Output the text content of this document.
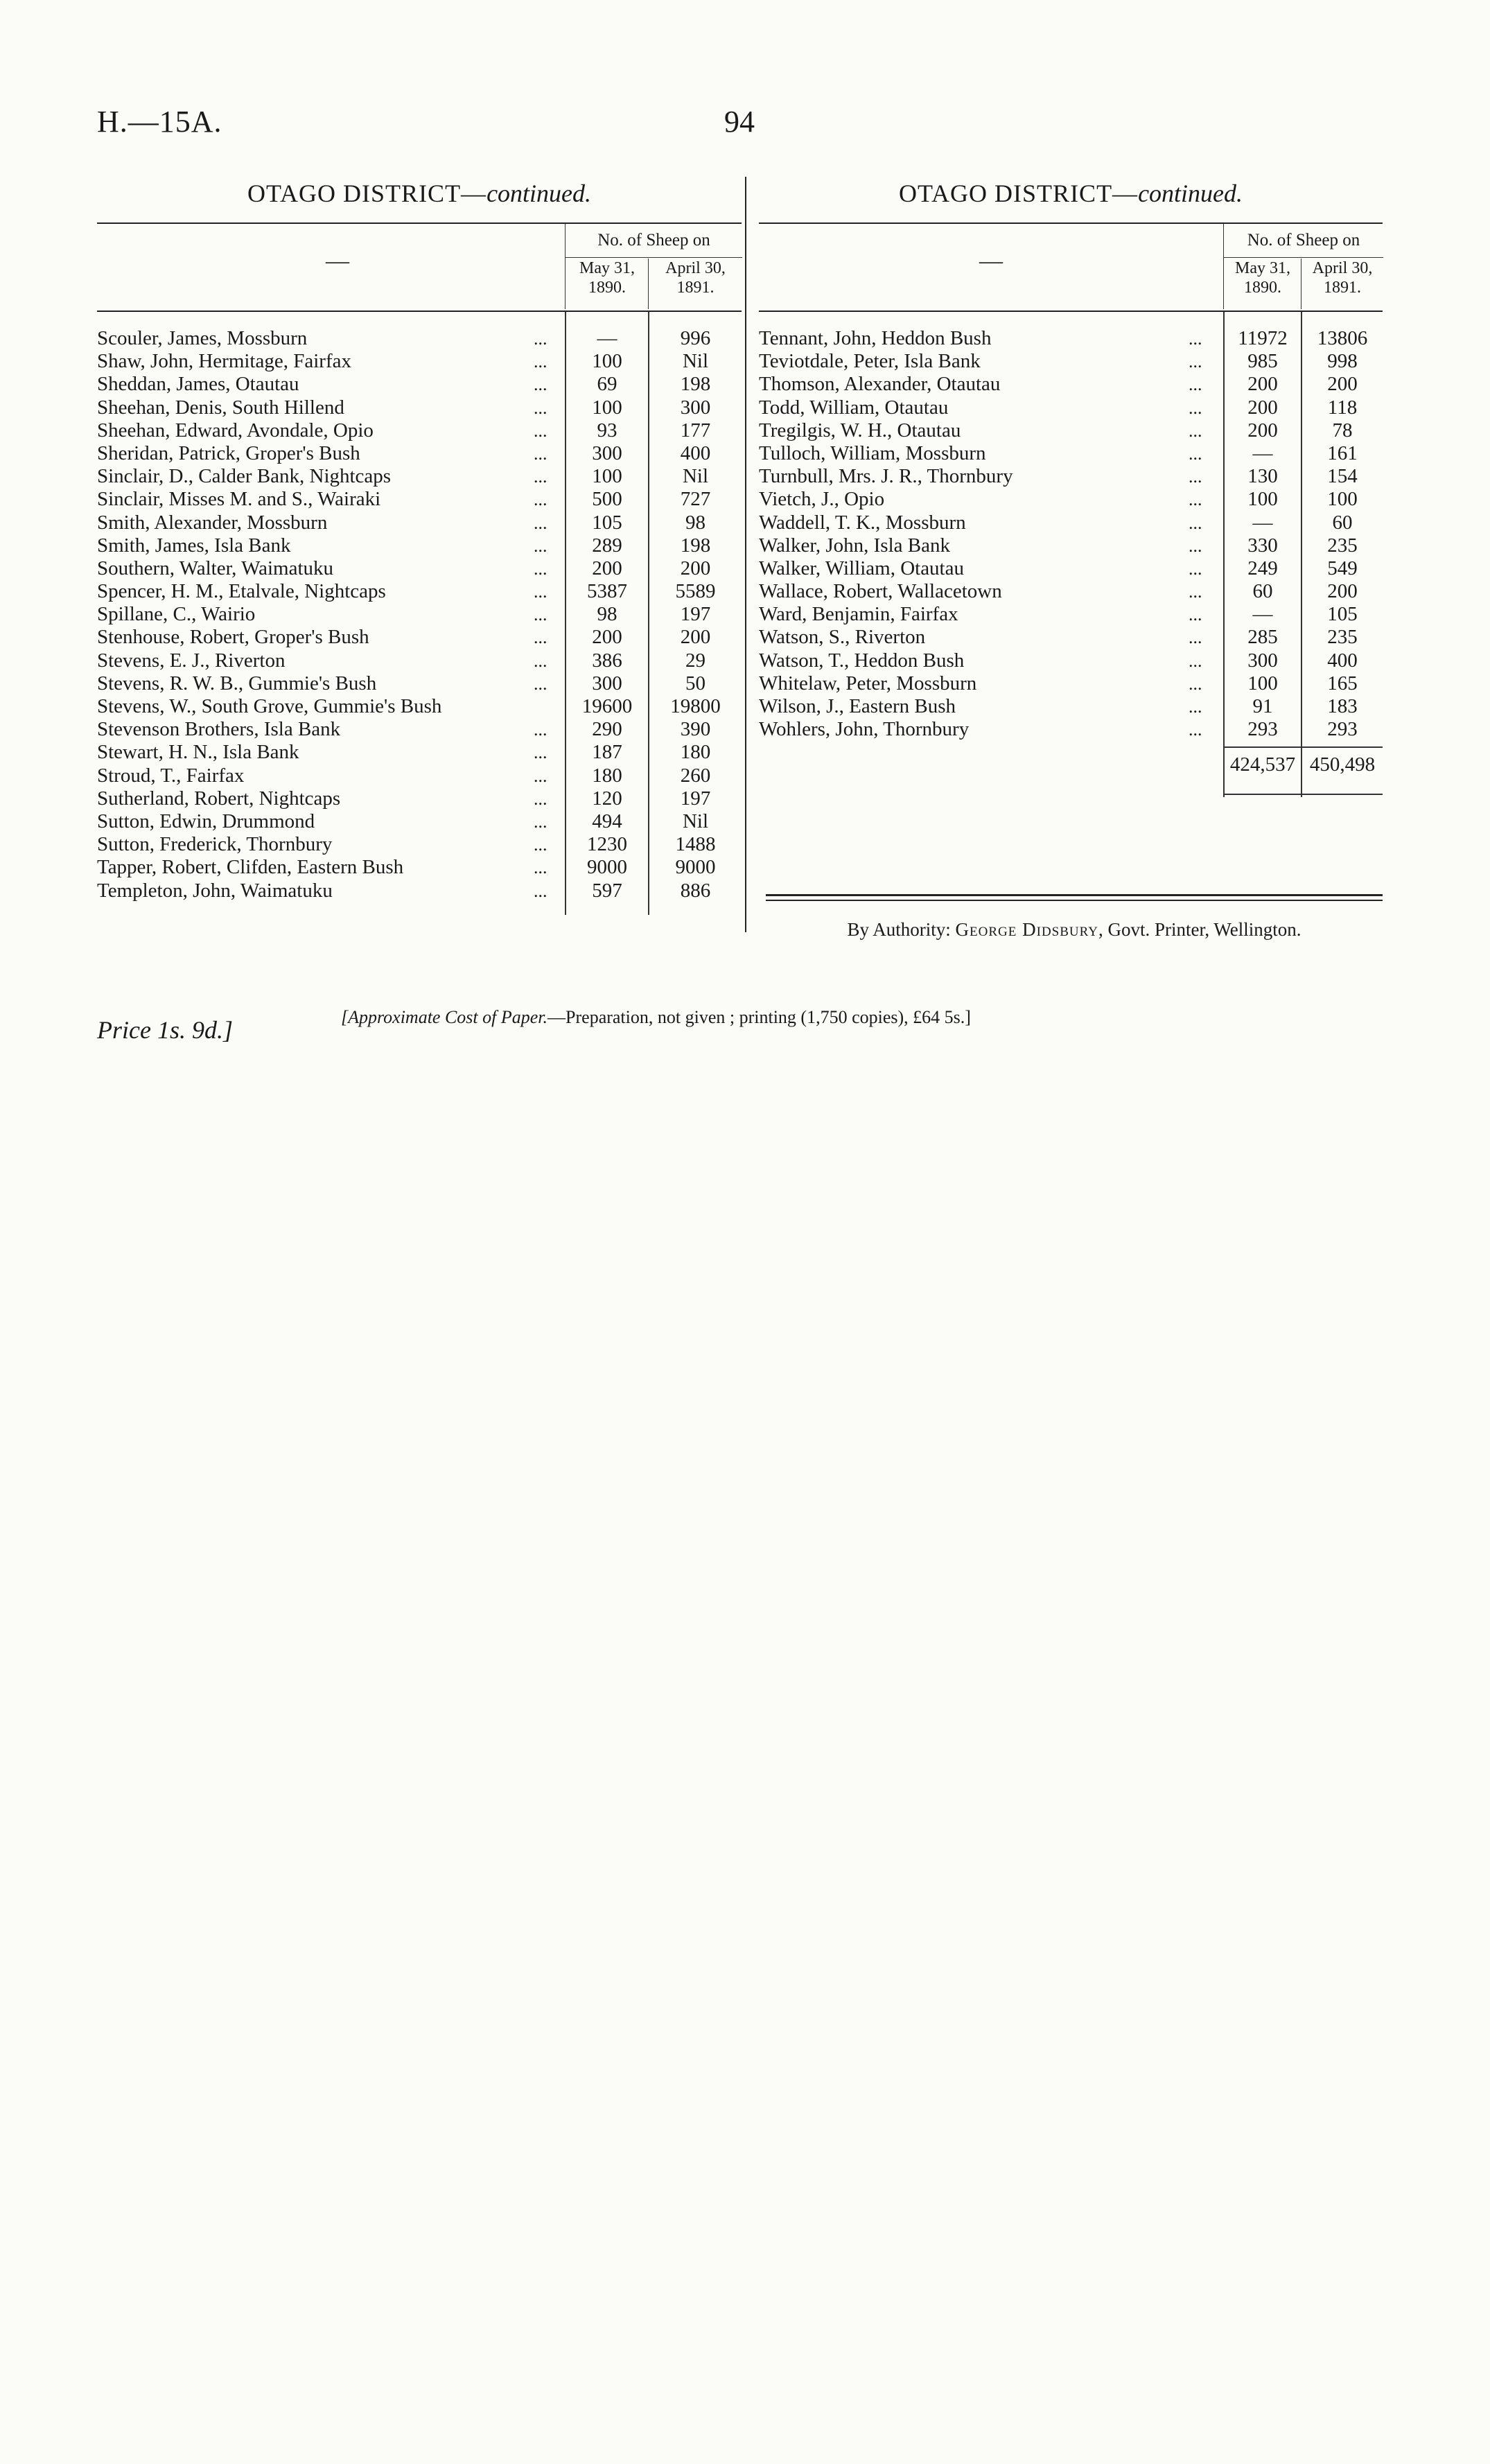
H.—15A.	94
OTAGO DISTRICT—continued.
—
No. of Sheep on
May 31,
1890.
April 30,
1891.
Scouler, James, Mossburn	...	—	996
Shaw, John, Hermitage, Fairfax	...	100	Nil
Sheddan, James, Otautau	...	69	198
Sheehan, Denis, South Hillend	...	100	300
Sheehan, Edward, Avondale, Opio	...	93	177
Sheridan, Patrick, Groper's Bush	...	300	400
Sinclair, D., Calder Bank, Nightcaps	...	100	Nil
Sinclair, Misses M. and S., Wairaki	...	500	727
Smith, Alexander, Mossburn	...	105	98
Smith, James, Isla Bank	...	289	198
Southern, Walter, Waimatuku	...	200	200
Spencer, H. M., Etalvale, Nightcaps	...	5387	5589
Spillane, C., Wairio	...	98	197
Stenhouse, Robert, Groper's Bush	...	200	200
Stevens, E. J., Riverton	...	386	29
Stevens, R. W. B., Gummie's Bush	...	300	50
Stevens, W., South Grove, Gummie's Bush	19600	19800
Stevenson Brothers, Isla Bank	...	290	390
Stewart, H. N., Isla Bank	...	187	180
Stroud, T., Fairfax	...	180	260
Sutherland, Robert, Nightcaps	...	120	197
Sutton, Edwin, Drummond	...	494	Nil
Sutton, Frederick, Thornbury	...	1230	1488
Tapper, Robert, Clifden, Eastern Bush	...	9000	9000
Templeton, John, Waimatuku	...	597	886
OTAGO DISTRICT—continued.
—
No. of Sheep on
May 31,
1890.
April 30,
1891.
Tennant, John, Heddon Bush	...	11972	13806
Teviotdale, Peter, Isla Bank	...	985	998
Thomson, Alexander, Otautau	...	200	200
Todd, William, Otautau	...	200	118
Tregilgis, W. H., Otautau	...	200	78
Tulloch, William, Mossburn	...	—	161
Turnbull, Mrs. J. R., Thornbury	...	130	154
Vietch, J., Opio	...	100	100
Waddell, T. K., Mossburn	...	—	60
Walker, John, Isla Bank	...	330	235
Walker, William, Otautau	...	249	549
Wallace, Robert, Wallacetown	...	60	200
Ward, Benjamin, Fairfax	...	—	105
Watson, S., Riverton	...	285	235
Watson, T., Heddon Bush	...	300	400
Whitelaw, Peter, Mossburn	...	100	165
Wilson, J., Eastern Bush	...	91	183
Wohlers, John, Thornbury	...	293	293
424,537 450,498
By Authority: George Didsbury, Govt. Printer, Wellington.
Price 1s. 9d.]	[Approximate Cost of Paper.—Preparation, not given ; printing (1,750 copies), £64 5s.]
